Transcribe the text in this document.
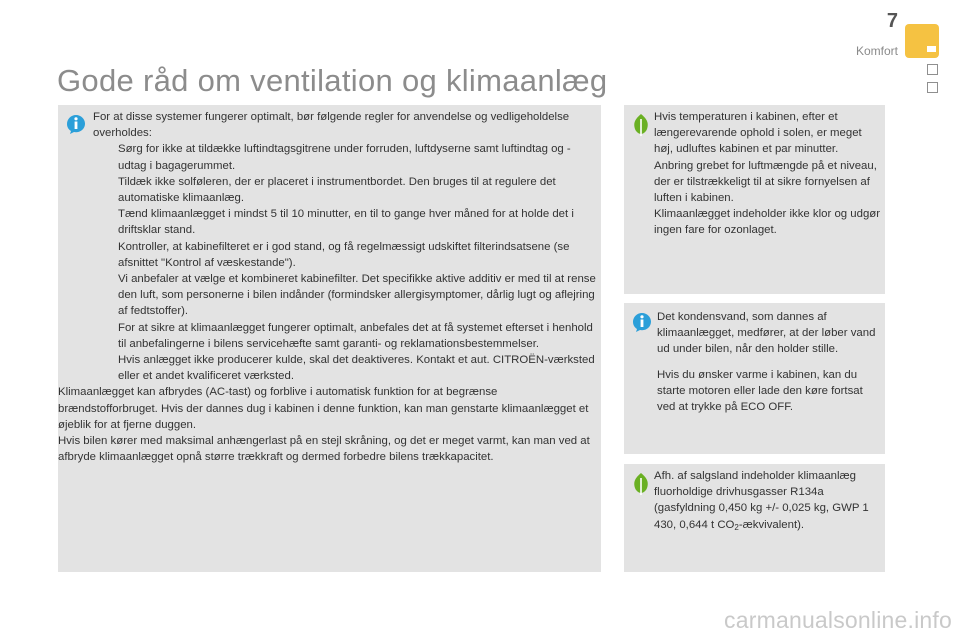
7
Komfort
Gode råd om ventilation og klimaanlæg

For at disse systemer fungerer optimalt, bør følgende regler for anvendelse og vedligeholdelse overholdes:

Sørg for ikke at tildække luftindtagsgitrene under forruden, luftdyserne samt luftindtag og -udtag i bagagerummet.
Tildæk ikke solføleren, der er placeret i instrumentbordet. Den bruges til at regulere det automatiske klimaanlæg.
Tænd klimaanlægget i mindst 5 til 10 minutter, en til to gange hver måned for at holde det i driftsklar stand.
Kontroller, at kabinefilteret er i god stand, og få regelmæssigt udskiftet filterindsatsene (se afsnittet "Kontrol af væskestande").
Vi anbefaler at vælge et kombineret kabinefilter. Det specifikke aktive additiv er med til at rense den luft, som personerne i bilen indånder (formindsker allergisymptomer, dårlig lugt og aflejring af fedtstoffer).
For at sikre at klimaanlægget fungerer optimalt, anbefales det at få systemet efterset i henhold til anbefalingerne i bilens servicehæfte samt garanti- og reklamationsbestemmelser.
Hvis anlægget ikke producerer kulde, skal det deaktiveres. Kontakt et aut. CITROËN-værksted eller et andet kvalificeret værksted.

Klimaanlægget kan afbrydes (AC-tast) og forblive i automatisk funktion for at begrænse brændstofforbruget. Hvis der dannes dug i kabinen i denne funktion, kan man genstarte klimaanlægget et øjeblik for at fjerne duggen.

Hvis bilen kører med maksimal anhængerlast på en stejl skråning, og det er meget varmt, kan man ved at afbryde klimaanlægget opnå større trækkraft og dermed forbedre bilens trækkapacitet.

Hvis temperaturen i kabinen, efter et længerevarende ophold i solen, er meget høj, udluftes kabinen et par minutter.

Anbring grebet for luftmængde på et niveau, der er tilstrækkeligt til at sikre fornyelsen af luften i kabinen.

Klimaanlægget indeholder ikke klor og udgør ingen fare for ozonlaget.

Det kondensvand, som dannes af klimaanlægget, medfører, at der løber vand ud under bilen, når den holder stille.

Hvis du ønsker varme i kabinen, kan du starte motoren eller lade den køre fortsat ved at trykke på ECO OFF.

Afh. af salgsland indeholder klimaanlæg fluorholdige drivhusgasser R134a (gasfyldning 0,450 kg +/- 0,025 kg, GWP 1 430, 0,644 t $CO_2-ækvivalent$).

carmanualsonline.info
